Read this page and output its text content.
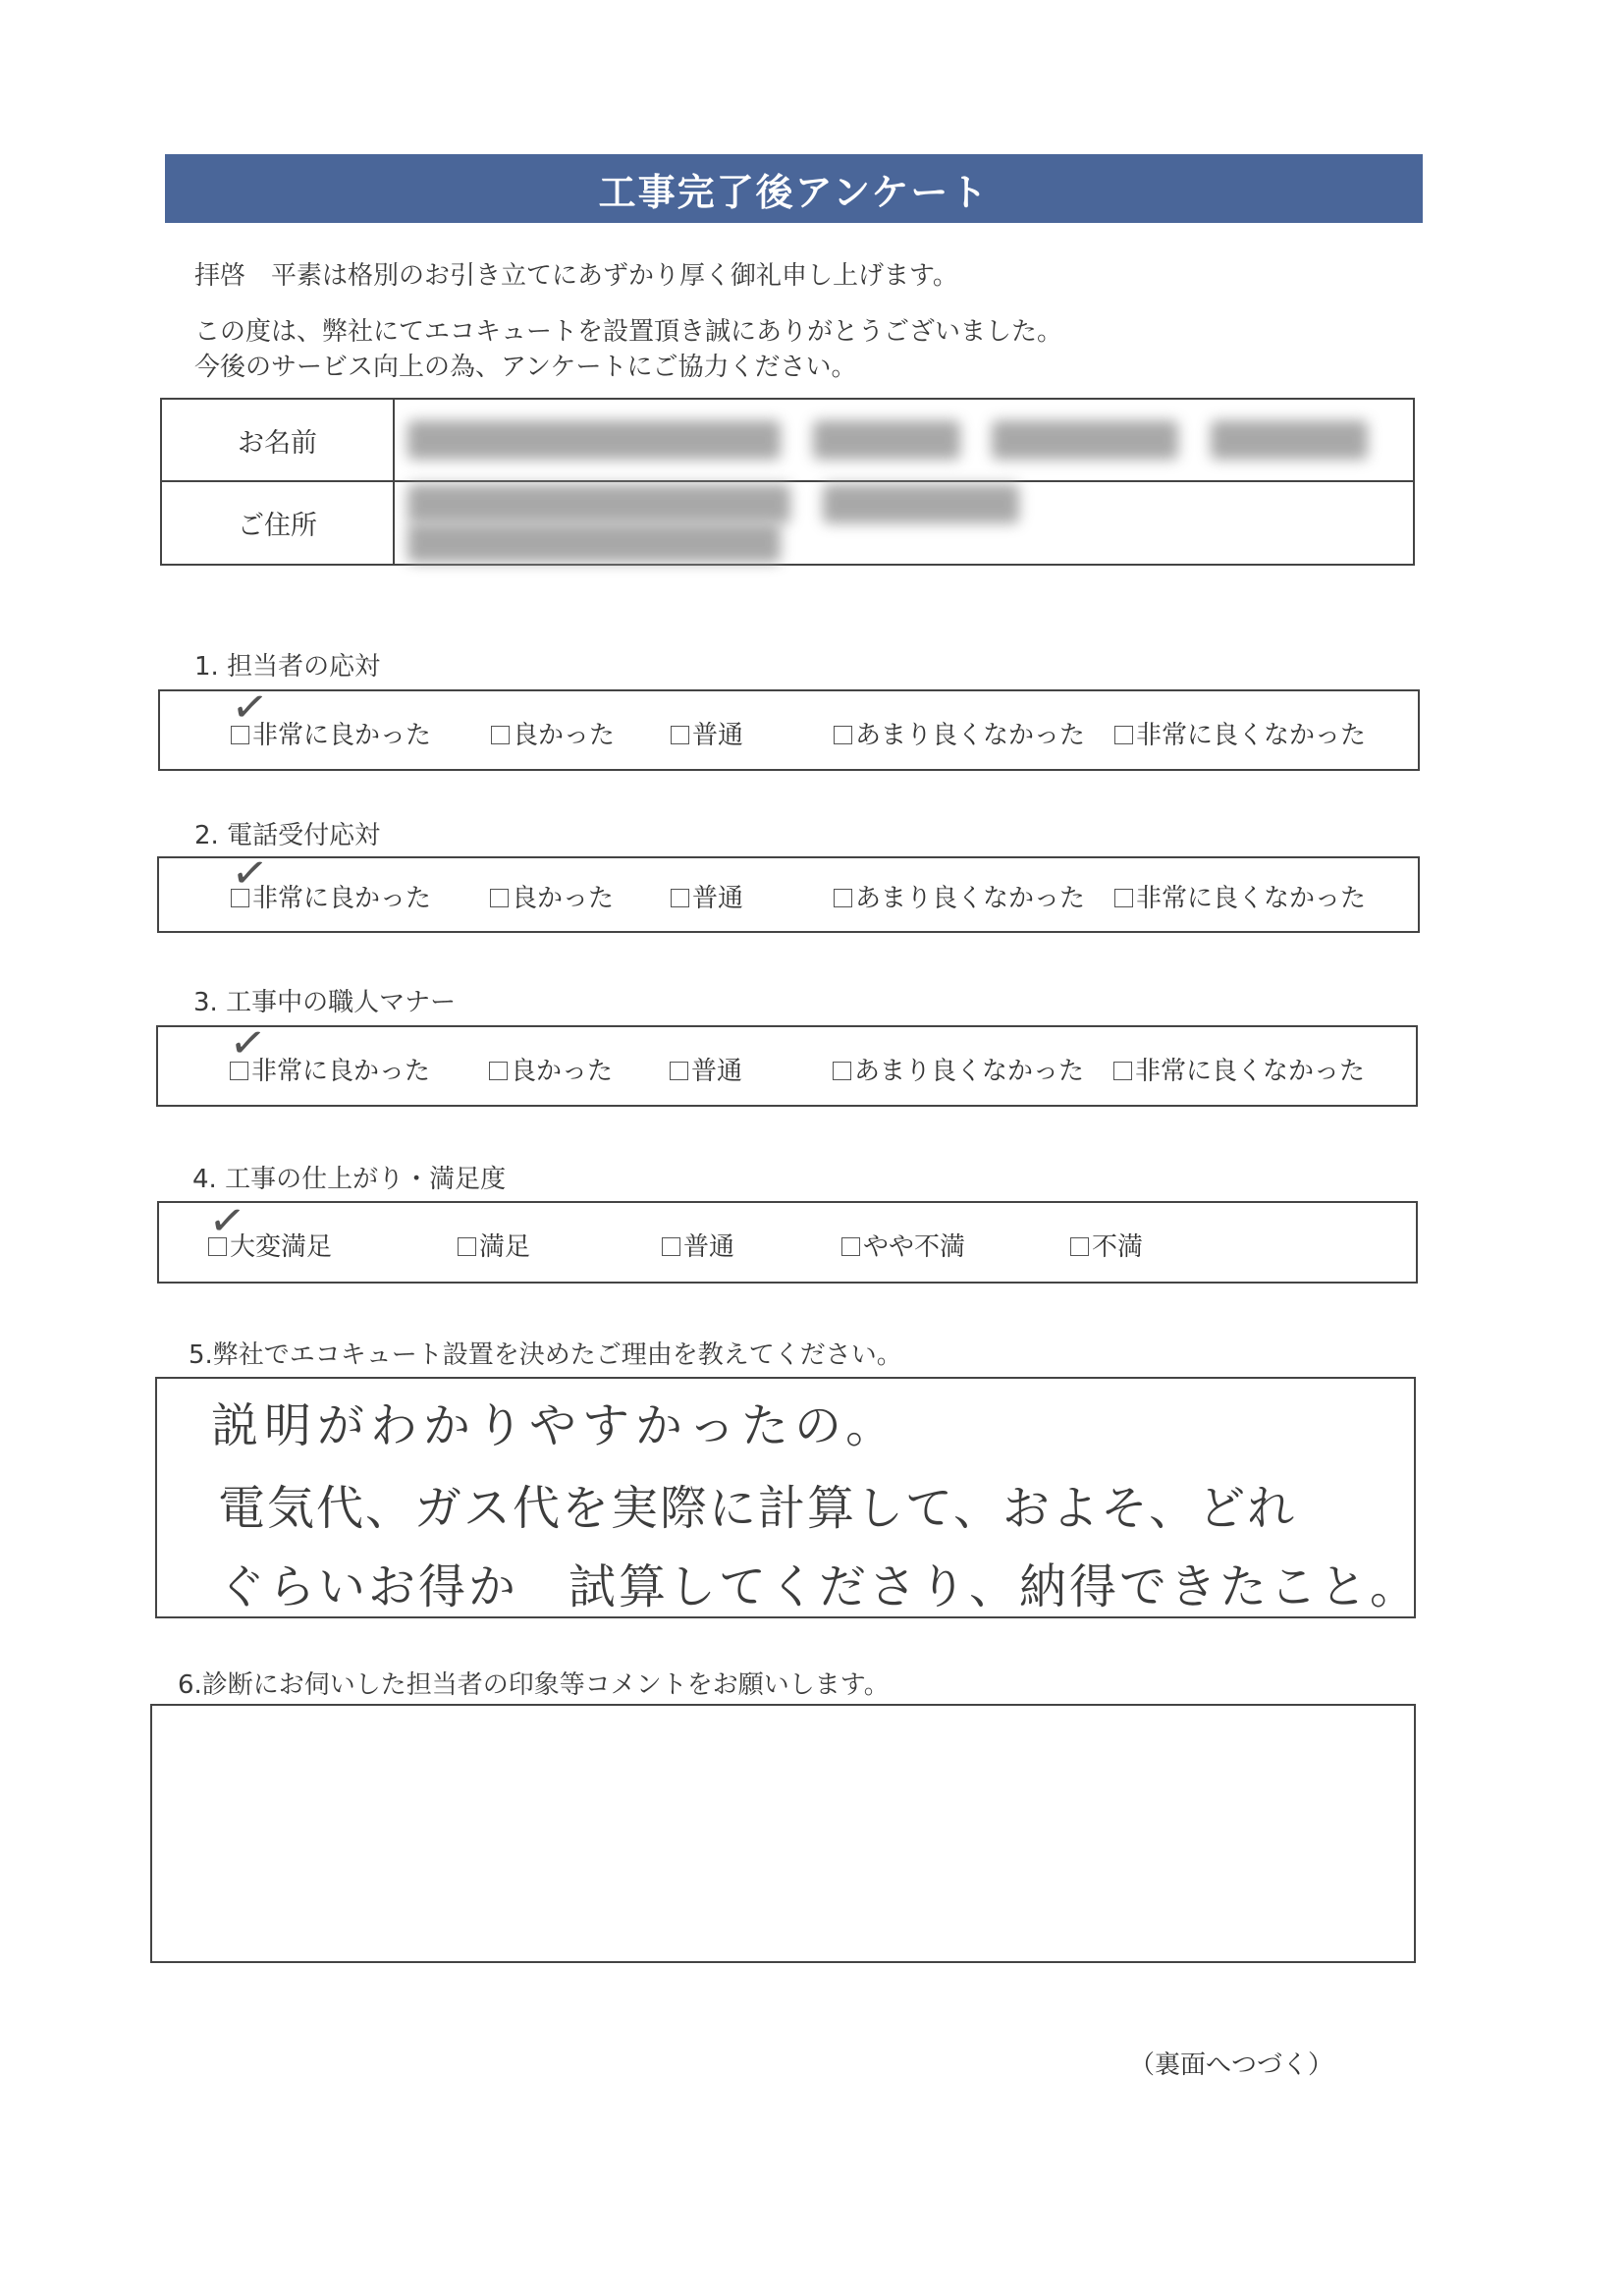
工事完了後アンケート
拝啓　平素は格別のお引き立てにあずかり厚く御礼申し上げます。
この度は、弊社にてエコキュートを設置頂き誠にありがとうございました。
今後のサービス向上の為、アンケートにご協力ください。
お名前	
ご住所	
1. 担当者の応対
非常に良かった	良かった	普通	あまり良くなかった	非常に良くなかった
✓
2. 電話受付応対
非常に良かった	良かった	普通	あまり良くなかった	非常に良くなかった
✓
3. 工事中の職人マナー
非常に良かった	良かった	普通	あまり良くなかった	非常に良くなかった
✓
4. 工事の仕上がり・満足度
大変満足	満足	普通	やや不満	不満
✓
5.弊社でエコキュート設置を決めたご理由を教えてください。
説明がわかりやすかったの。
電気代、ガス代を実際に計算して、およそ、どれ
ぐらいお得か　試算してくださり、納得できたこと。
6.診断にお伺いした担当者の印象等コメントをお願いします。
（裏面へつづく）
